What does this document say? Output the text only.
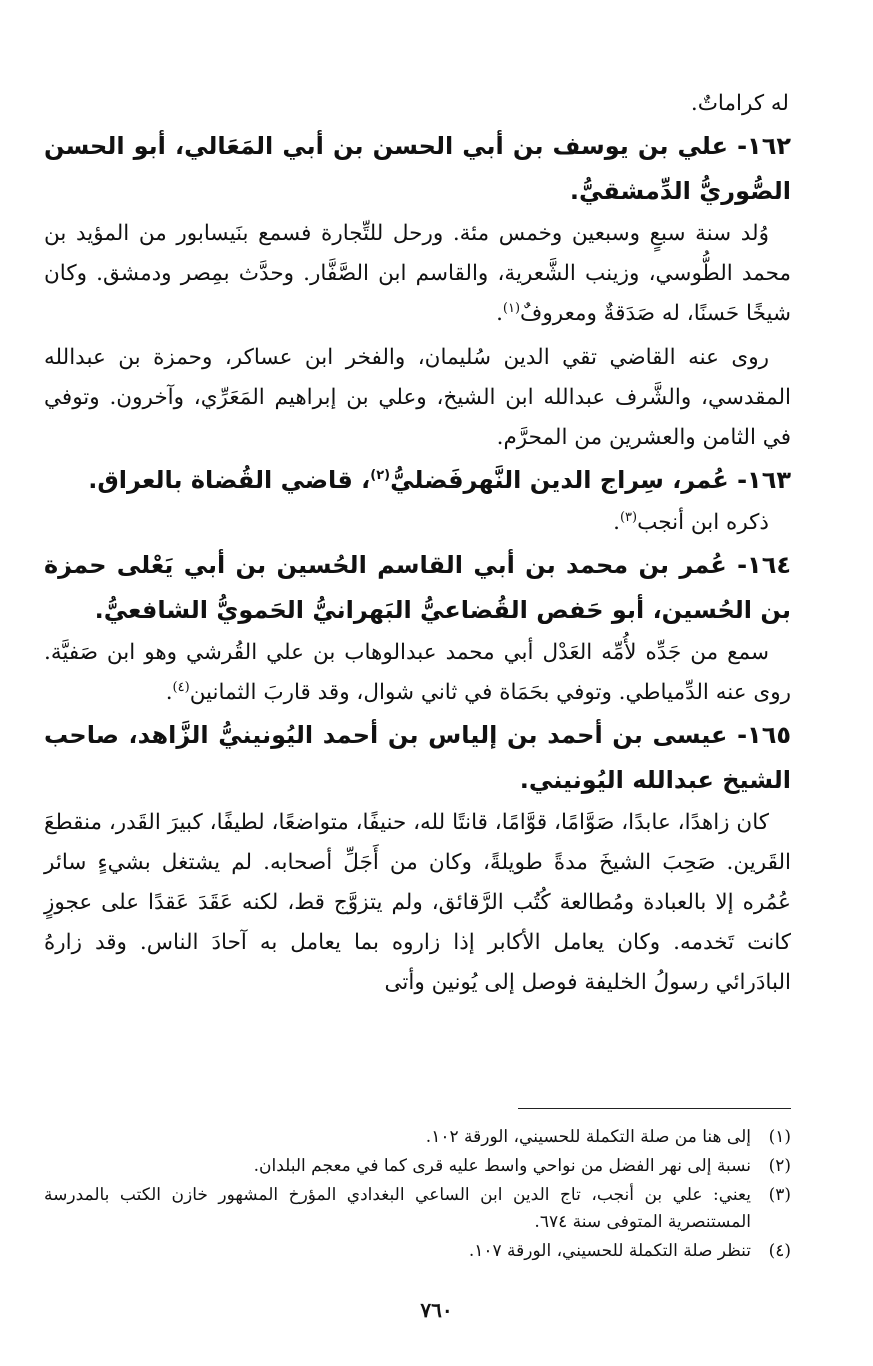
له كراماتٌ.

١٦٢- علي بن يوسف بن أبي الحسن بن أبي المَعَالي، أبو الحسن الصُّوريُّ الدِّمشقيُّ.

وُلد سنة سبعٍ وسبعين وخمس مئة. ورحل للتِّجارة فسمع بنَيسابور من المؤيد بن محمد الطُّوسي، وزينب الشَّعرية، والقاسم ابن الصَّفَّار. وحدَّث بمِصر ودمشق. وكان شيخًا حَسنًا، له صَدَقةٌ ومعروفٌ$^{(١)}$.

روى عنه القاضي تقي الدين سُليمان، والفخر ابن عساكر، وحمزة بن عبدالله المقدسي، والشَّرف عبدالله ابن الشيخ، وعلي بن إبراهيم المَعَرِّي، وآخرون. وتوفي في الثامن والعشرين من المحرَّم.

١٦٣- عُمر، سِراج الدين النَّهرفَضليُّ$^{(٢)}$، قاضي القُضاة بالعراق.

ذكره ابن أنجب$^{(٣)}$.

١٦٤- عُمر بن محمد بن أبي القاسم الحُسين بن أبي يَعْلى حمزة بن الحُسين، أبو حَفص القُضاعيُّ البَهرانيُّ الحَمويُّ الشافعيُّ.

سمع من جَدِّه لأُمِّه العَدْل أبي محمد عبدالوهاب بن علي القُرشي وهو ابن صَفيَّة. روى عنه الدِّمياطي. وتوفي بحَمَاة في ثاني شوال، وقد قاربَ الثمانين$^{(٤)}$.

١٦٥- عيسى بن أحمد بن إلياس بن أحمد اليُونينيُّ الزَّاهد، صاحب الشيخ عبدالله اليُونيني.

كان زاهدًا، عابدًا، صَوَّامًا، قوَّامًا، قانتًا لله، حنيفًا، متواضعًا، لطيفًا، كبيرَ القَدر، منقطعَ القَرين. صَحِبَ الشيخَ مدةً طويلةً، وكان من أَجَلِّ أصحابه. لم يشتغل بشيءٍ سائر عُمُره إلا بالعبادة ومُطالعة كُتُب الرَّقائق، ولم يتزوَّج قط، لكنه عَقَدَ عَقدًا على عجوزٍ كانت تَخدمه. وكان يعامل الأكابر إذا زاروه بما يعامل به آحادَ الناس. وقد زارهُ البادَرائي رسولُ الخليفة فوصل إلى يُونين وأتى

(١)
إلى هنا من صلة التكملة للحسيني، الورقة ١٠٢.
(٢)
نسبة إلى نهر الفضل من نواحي واسط عليه قرى كما في معجم البلدان.
(٣)
يعني: علي بن أنجب، تاج الدين ابن الساعي البغدادي المؤرخ المشهور خازن الكتب بالمدرسة المستنصرية المتوفى سنة ٦٧٤.
(٤)
تنظر صلة التكملة للحسيني، الورقة ١٠٧.
٧٦٠
